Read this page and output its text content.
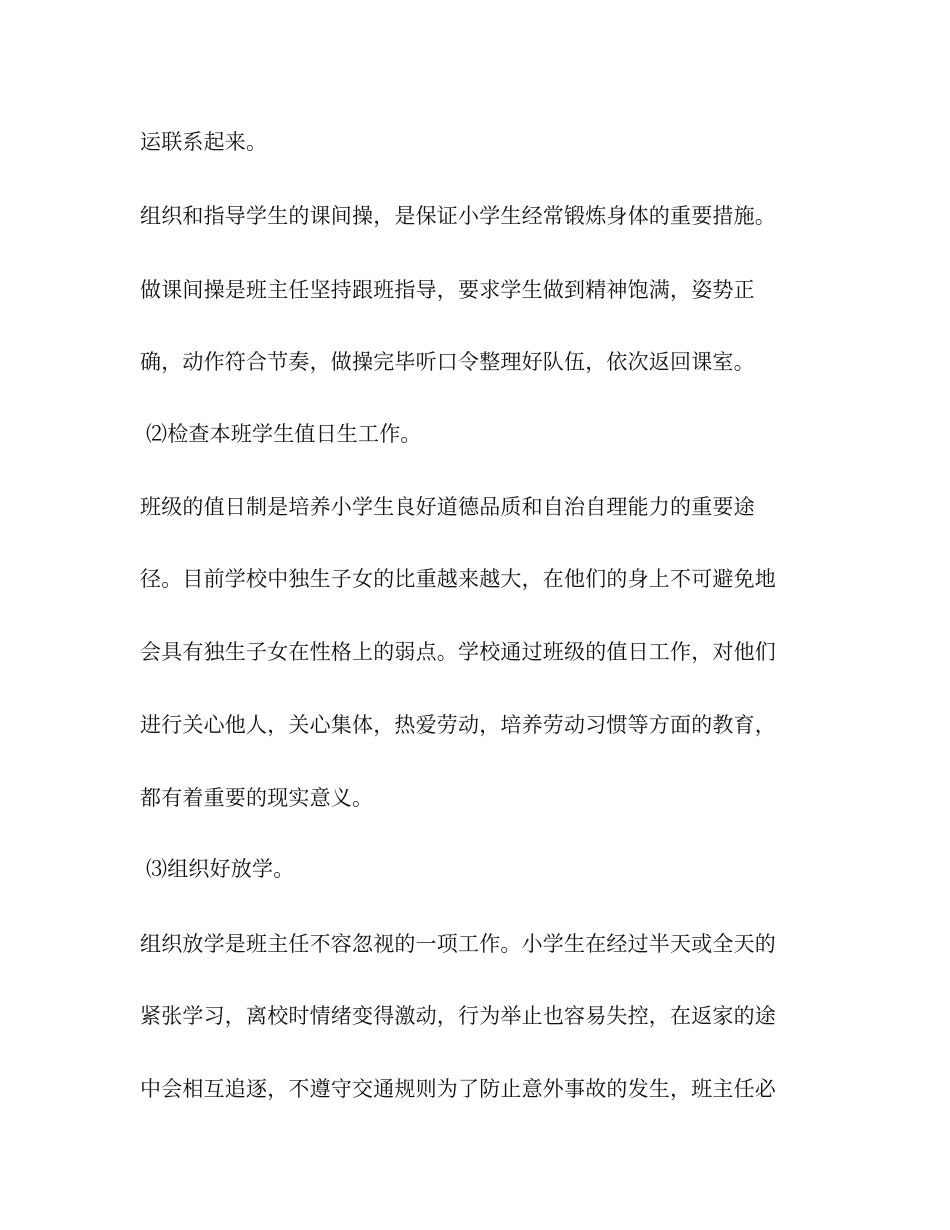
运联系起来。
组织和指导学生的课间操，是保证小学生经常锻炼身体的重要措施。
做课间操是班主任坚持跟班指导，要求学生做到精神饱满，姿势正
确，动作符合节奏，做操完毕听口令整理好队伍，依次返回课室。
⑵检查本班学生值日生工作。
班级的值日制是培养小学生良好道德品质和自治自理能力的重要途
径。目前学校中独生子女的比重越来越大，在他们的身上不可避免地
会具有独生子女在性格上的弱点。学校通过班级的值日工作，对他们
进行关心他人，关心集体，热爱劳动，培养劳动习惯等方面的教育，
都有着重要的现实意义。
⑶组织好放学。
组织放学是班主任不容忽视的一项工作。小学生在经过半天或全天的
紧张学习，离校时情绪变得激动，行为举止也容易失控，在返家的途
中会相互追逐，不遵守交通规则为了防止意外事故的发生，班主任必
